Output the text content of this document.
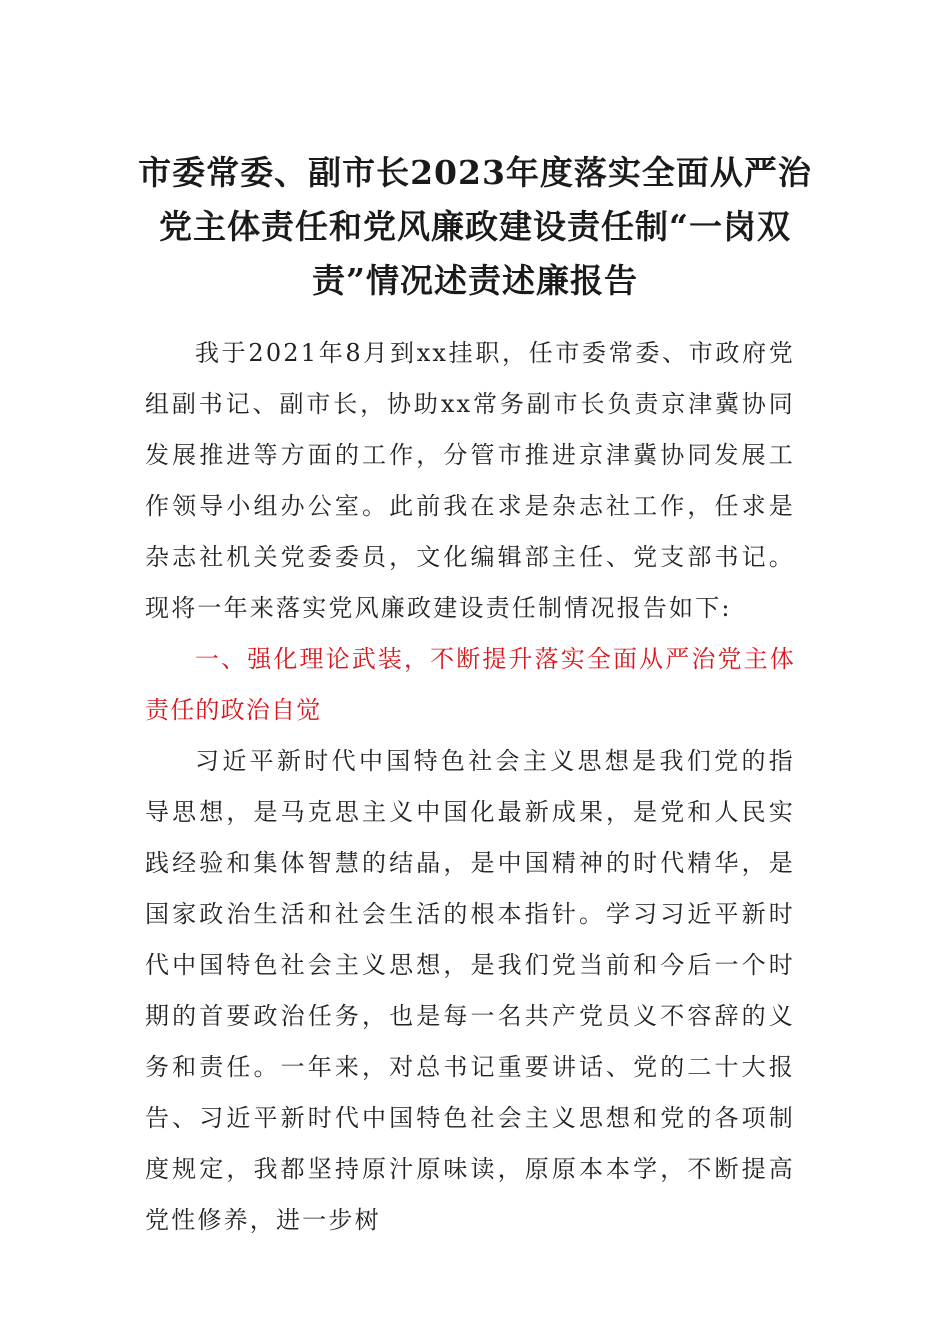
市委常委、副市长2023年度落实全面从严治党主体责任和党风廉政建设责任制“一岗双责”情况述责述廉报告

我于2021年8月到xx挂职，任市委常委、市政府党组副书记、副市长，协助xx常务副市长负责京津冀协同发展推进等方面的工作，分管市推进京津冀协同发展工作领导小组办公室。此前我在求是杂志社工作，任求是杂志社机关党委委员，文化编辑部主任、党支部书记。现将一年来落实党风廉政建设责任制情况报告如下:

一、强化理论武装，不断提升落实全面从严治党主体责任的政治自觉

习近平新时代中国特色社会主义思想是我们党的指导思想，是马克思主义中国化最新成果，是党和人民实践经验和集体智慧的结晶，是中国精神的时代精华，是国家政治生活和社会生活的根本指针。学习习近平新时代中国特色社会主义思想，是我们党当前和今后一个时期的首要政治任务，也是每一名共产党员义不容辞的义务和责任。一年来，对总书记重要讲话、党的二十大报告、习近平新时代中国特色社会主义思想和党的各项制度规定，我都坚持原汁原味读，原原本本学，不断提高党性修养，进一步树
